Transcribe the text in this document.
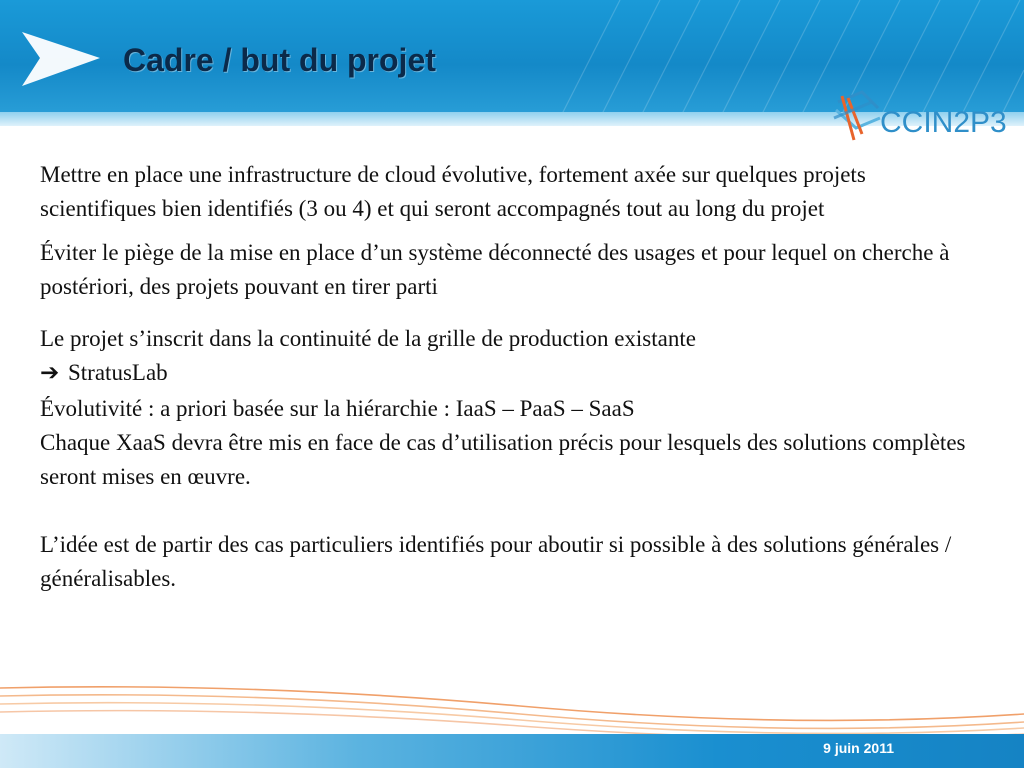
Cadre / but du projet
CCIN2P3

Mettre en place une infrastructure de cloud évolutive, fortement axée sur quelques projets scientifiques bien identifiés (3 ou 4) et qui seront accompagnés tout au long du projet

Éviter le piège de la mise en place d’un système déconnecté des usages et pour lequel on cherche à postériori, des projets pouvant en tirer parti

Le projet s’inscrit dans la continuité de la grille de production existante
➔ StratusLab
Évolutivité : a priori basée sur la hiérarchie : IaaS – PaaS – SaaS
Chaque XaaS devra être mis en face de cas d’utilisation précis pour lesquels des solutions complètes seront mises en œuvre.

L’idée est de partir des cas particuliers identifiés pour aboutir si possible à des solutions générales / généralisables.

9 juin 2011
